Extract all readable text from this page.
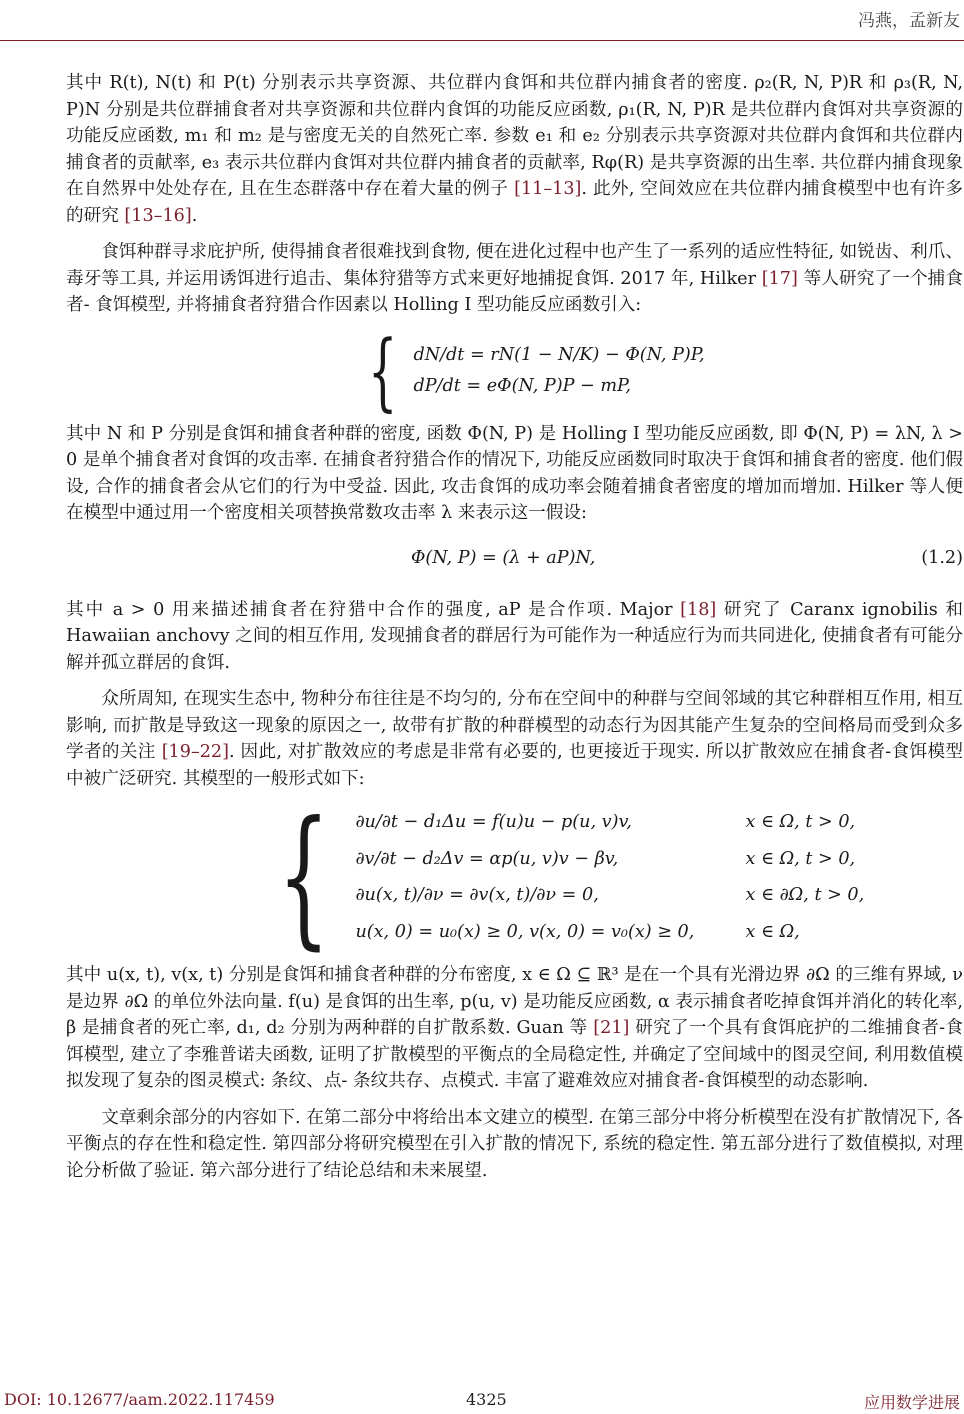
冯燕，孟新友

其中 R(t), N(t) 和 P(t) 分别表示共享资源、共位群内食饵和共位群内捕食者的密度. ρ₂(R, N, P)R 和 ρ₃(R, N, P)N 分别是共位群捕食者对共享资源和共位群内食饵的功能反应函数, ρ₁(R, N, P)R 是共位群内食饵对共享资源的功能反应函数, m₁ 和 m₂ 是与密度无关的自然死亡率. 参数 e₁ 和 e₂ 分别表示共享资源对共位群内食饵和共位群内捕食者的贡献率, e₃ 表示共位群内食饵对共位群内捕食者的贡献率, Rφ(R) 是共享资源的出生率. 共位群内捕食现象在自然界中处处存在, 且在生态群落中存在着大量的例子 [11–13]. 此外, 空间效应在共位群内捕食模型中也有许多的研究 [13–16].

食饵种群寻求庇护所, 使得捕食者很难找到食物, 便在进化过程中也产生了一系列的适应性特征, 如锐齿、利爪、毒牙等工具, 并运用诱饵进行追击、集体狩猎等方式来更好地捕捉食饵. 2017 年, Hilker [17] 等人研究了一个捕食者- 食饵模型, 并将捕食者狩猎合作因素以 Holling I 型功能反应函数引入:

{ dN/dt = rN(1 − N/K) − Φ(N, P)P,
dP/dt = eΦ(N, P)P − mP,

其中 N 和 P 分别是食饵和捕食者种群的密度, 函数 Φ(N, P) 是 Holling I 型功能反应函数, 即 Φ(N, P) = λN, λ > 0 是单个捕食者对食饵的攻击率. 在捕食者狩猎合作的情况下, 功能反应函数同时取决于食饵和捕食者的密度. 他们假设, 合作的捕食者会从它们的行为中受益. 因此, 攻击食饵的成功率会随着捕食者密度的增加而增加. Hilker 等人便在模型中通过用一个密度相关项替换常数攻击率 λ 来表示这一假设:

Φ(N, P) = (λ + aP)N,	(1.2)

其中 a > 0 用来描述捕食者在狩猎中合作的强度, aP 是合作项. Major [18] 研究了 Caranx ignobilis 和 Hawaiian anchovy 之间的相互作用, 发现捕食者的群居行为可能作为一种适应行为而共同进化, 使捕食者有可能分解并孤立群居的食饵.

众所周知, 在现实生态中, 物种分布往往是不均匀的, 分布在空间中的种群与空间邻域的其它种群相互作用, 相互影响, 而扩散是导致这一现象的原因之一, 故带有扩散的种群模型的动态行为因其能产生复杂的空间格局而受到众多学者的关注 [19–22]. 因此, 对扩散效应的考虑是非常有必要的, 也更接近于现实. 所以扩散效应在捕食者-食饵模型中被广泛研究. 其模型的一般形式如下:

{ ∂u/∂t − d₁Δu = f(u)u − p(u, v)v,	x ∈ Ω, t > 0,
∂v/∂t − d₂Δv = αp(u, v)v − βv,	x ∈ Ω, t > 0,
∂u(x, t)/∂ν = ∂v(x, t)/∂ν = 0,	x ∈ ∂Ω, t > 0,
u(x, 0) = u₀(x) ≥ 0, v(x, 0) = v₀(x) ≥ 0,	x ∈ Ω,

其中 u(x, t), v(x, t) 分别是食饵和捕食者种群的分布密度, x ∈ Ω ⊆ ℝ³ 是在一个具有光滑边界 ∂Ω 的三维有界域, ν 是边界 ∂Ω 的单位外法向量. f(u) 是食饵的出生率, p(u, v) 是功能反应函数, α 表示捕食者吃掉食饵并消化的转化率, β 是捕食者的死亡率, d₁, d₂ 分别为两种群的自扩散系数. Guan 等 [21] 研究了一个具有食饵庇护的二维捕食者-食饵模型, 建立了李雅普诺夫函数, 证明了扩散模型的平衡点的全局稳定性, 并确定了空间域中的图灵空间, 利用数值模拟发现了复杂的图灵模式: 条纹、点- 条纹共存、点模式. 丰富了避难效应对捕食者-食饵模型的动态影响.

文章剩余部分的内容如下. 在第二部分中将给出本文建立的模型. 在第三部分中将分析模型在没有扩散情况下, 各平衡点的存在性和稳定性. 第四部分将研究模型在引入扩散的情况下, 系统的稳定性. 第五部分进行了数值模拟, 对理论分析做了验证. 第六部分进行了结论总结和未来展望.

DOI: 10.12677/aam.2022.117459	4325	应用数学进展
